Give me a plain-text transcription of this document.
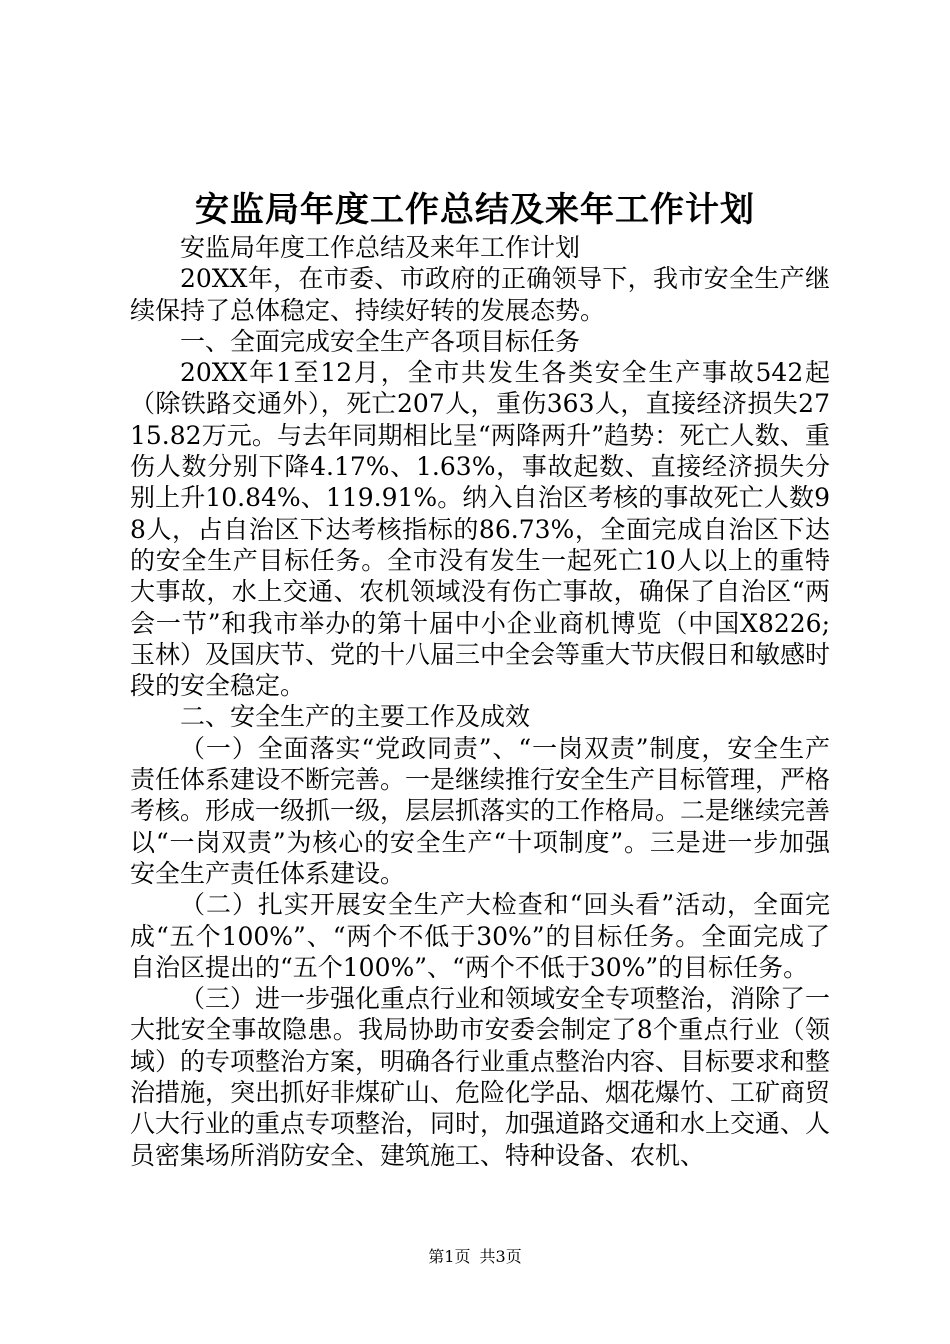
安监局年度工作总结及来年工作计划

安监局年度工作总结及来年工作计划

20XX年，在市委、市政府的正确领导下，我市安全生产继续保持了总体稳定、持续好转的发展态势。

一、全面完成安全生产各项目标任务

20XX年1至12月，全市共发生各类安全生产事故542起（除铁路交通外），死亡207人，重伤363人，直接经济损失2715.82万元。与去年同期相比呈“两降两升”趋势：死亡人数、重伤人数分别下降4.17%、1.63%，事故起数、直接经济损失分别上升10.84%、119.91%。纳入自治区考核的事故死亡人数98人，占自治区下达考核指标的86.73%，全面完成自治区下达的安全生产目标任务。全市没有发生一起死亡10人以上的重特大事故，水上交通、农机领域没有伤亡事故，确保了自治区“两会一节”和我市举办的第十届中小企业商机博览（中国X8226;玉林）及国庆节、党的十八届三中全会等重大节庆假日和敏感时段的安全稳定。

二、安全生产的主要工作及成效

（一）全面落实“党政同责”、“一岗双责”制度，安全生产责任体系建设不断完善。一是继续推行安全生产目标管理，严格考核。形成一级抓一级，层层抓落实的工作格局。二是继续完善以“一岗双责”为核心的安全生产“十项制度”。三是进一步加强安全生产责任体系建设。

（二）扎实开展安全生产大检查和“回头看”活动，全面完成“五个100%”、“两个不低于30%”的目标任务。全面完成了自治区提出的“五个100%”、“两个不低于30%”的目标任务。

（三）进一步强化重点行业和领域安全专项整治，消除了一大批安全事故隐患。我局协助市安委会制定了8个重点行业（领域）的专项整治方案，明确各行业重点整治内容、目标要求和整治措施，突出抓好非煤矿山、危险化学品、烟花爆竹、工矿商贸八大行业的重点专项整治，同时，加强道路交通和水上交通、人员密集场所消防安全、建筑施工、特种设备、农机、

第1页 共3页
